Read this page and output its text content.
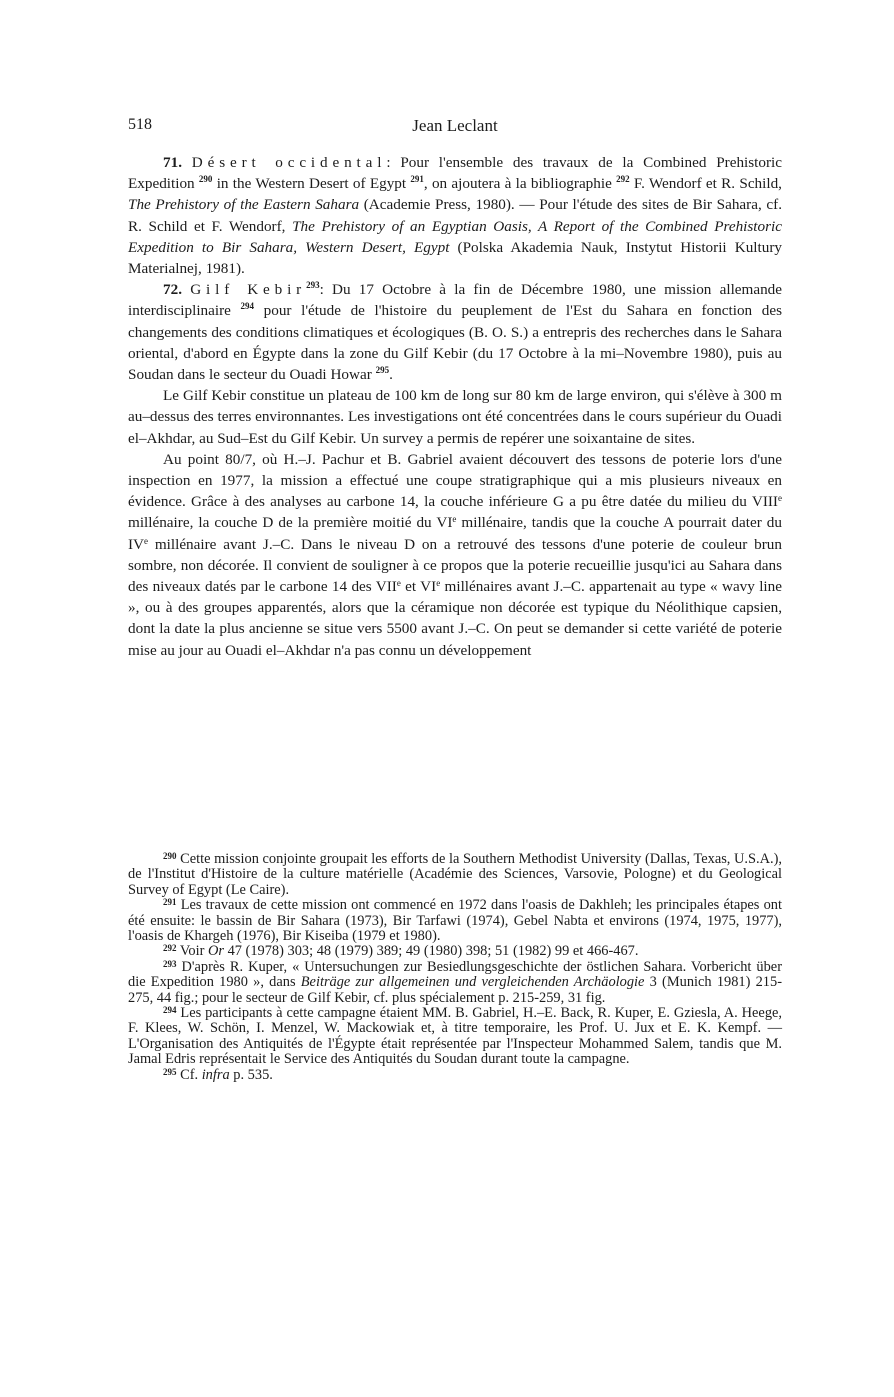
518	Jean Leclant

71. Désert occidental: Pour l'ensemble des travaux de la Combined Prehistoric Expedition $^{290}$ in the Western Desert of Egypt $^{291}$, on ajoutera à la bibliographie $^{292}$ F. Wendorf et R. Schild, The Prehistory of the Eastern Sahara (Academie Press, 1980). — Pour l'étude des sites de Bir Sahara, cf. R. Schild et F. Wendorf, The Prehistory of an Egyptian Oasis, A Report of the Combined Prehistoric Expedition to Bir Sahara, Western Desert, Egypt (Polska Akademia Nauk, Instytut Historii Kultury Materialnej, 1981).

72. Gilf Kebir$^{293}$: Du 17 Octobre à la fin de Décembre 1980, une mission allemande interdisciplinaire $^{294}$ pour l'étude de l'histoire du peuplement de l'Est du Sahara en fonction des changements des conditions climatiques et écologiques (B. O. S.) a entrepris des recherches dans le Sahara oriental, d'abord en Égypte dans la zone du Gilf Kebir (du 17 Octobre à la mi–Novembre 1980), puis au Soudan dans le secteur du Ouadi Howar $^{295}$.

Le Gilf Kebir constitue un plateau de 100 km de long sur 80 km de large environ, qui s'élève à 300 m au–dessus des terres environnantes. Les investigations ont été concentrées dans le cours supérieur du Ouadi el–Akhdar, au Sud–Est du Gilf Kebir. Un survey a permis de repérer une soixantaine de sites.

Au point 80/7, où H.–J. Pachur et B. Gabriel avaient découvert des tessons de poterie lors d'une inspection en 1977, la mission a effectué une coupe stratigraphique qui a mis plusieurs niveaux en évidence. Grâce à des analyses au carbone 14, la couche inférieure G a pu être datée du milieu du VIIIe millénaire, la couche D de la première moitié du VIe millénaire, tandis que la couche A pourrait dater du IVe millénaire avant J.–C. Dans le niveau D on a retrouvé des tessons d'une poterie de couleur brun sombre, non décorée. Il convient de souligner à ce propos que la poterie recueillie jusqu'ici au Sahara dans des niveaux datés par le carbone 14 des VIIe et VIe millénaires avant J.–C. appartenait au type « wavy line », ou à des groupes apparentés, alors que la céramique non décorée est typique du Néolithique capsien, dont la date la plus ancienne se situe vers 5500 avant J.–C. On peut se demander si cette variété de poterie mise au jour au Ouadi el–Akhdar n'a pas connu un développement

$^{290}$ Cette mission conjointe groupait les efforts de la Southern Methodist University (Dallas, Texas, U.S.A.), de l'Institut d'Histoire de la culture matérielle (Académie des Sciences, Varsovie, Pologne) et du Geological Survey of Egypt (Le Caire).

$^{291}$ Les travaux de cette mission ont commencé en 1972 dans l'oasis de Dakhleh; les principales étapes ont été ensuite: le bassin de Bir Sahara (1973), Bir Tarfawi (1974), Gebel Nabta et environs (1974, 1975, 1977), l'oasis de Khargeh (1976), Bir Kiseiba (1979 et 1980).

$^{292}$ Voir Or 47 (1978) 303; 48 (1979) 389; 49 (1980) 398; 51 (1982) 99 et 466-467.

$^{293}$ D'après R. Kuper, « Untersuchungen zur Besiedlungsgeschichte der östlichen Sahara. Vorbericht über die Expedition 1980 », dans Beiträge zur allgemeinen und vergleichenden Archäologie 3 (Munich 1981) 215-275, 44 fig.; pour le secteur de Gilf Kebir, cf. plus spécialement p. 215-259, 31 fig.

$^{294}$ Les participants à cette campagne étaient MM. B. Gabriel, H.–E. Back, R. Kuper, E. Gziesla, A. Heege, F. Klees, W. Schön, I. Menzel, W. Mackowiak et, à titre temporaire, les Prof. U. Jux et E. K. Kempf. — L'Organisation des Antiquités de l'Égypte était représentée par l'Inspecteur Mohammed Salem, tandis que M. Jamal Edris représentait le Service des Antiquités du Soudan durant toute la campagne.

$^{295}$ Cf. infra p. 535.
